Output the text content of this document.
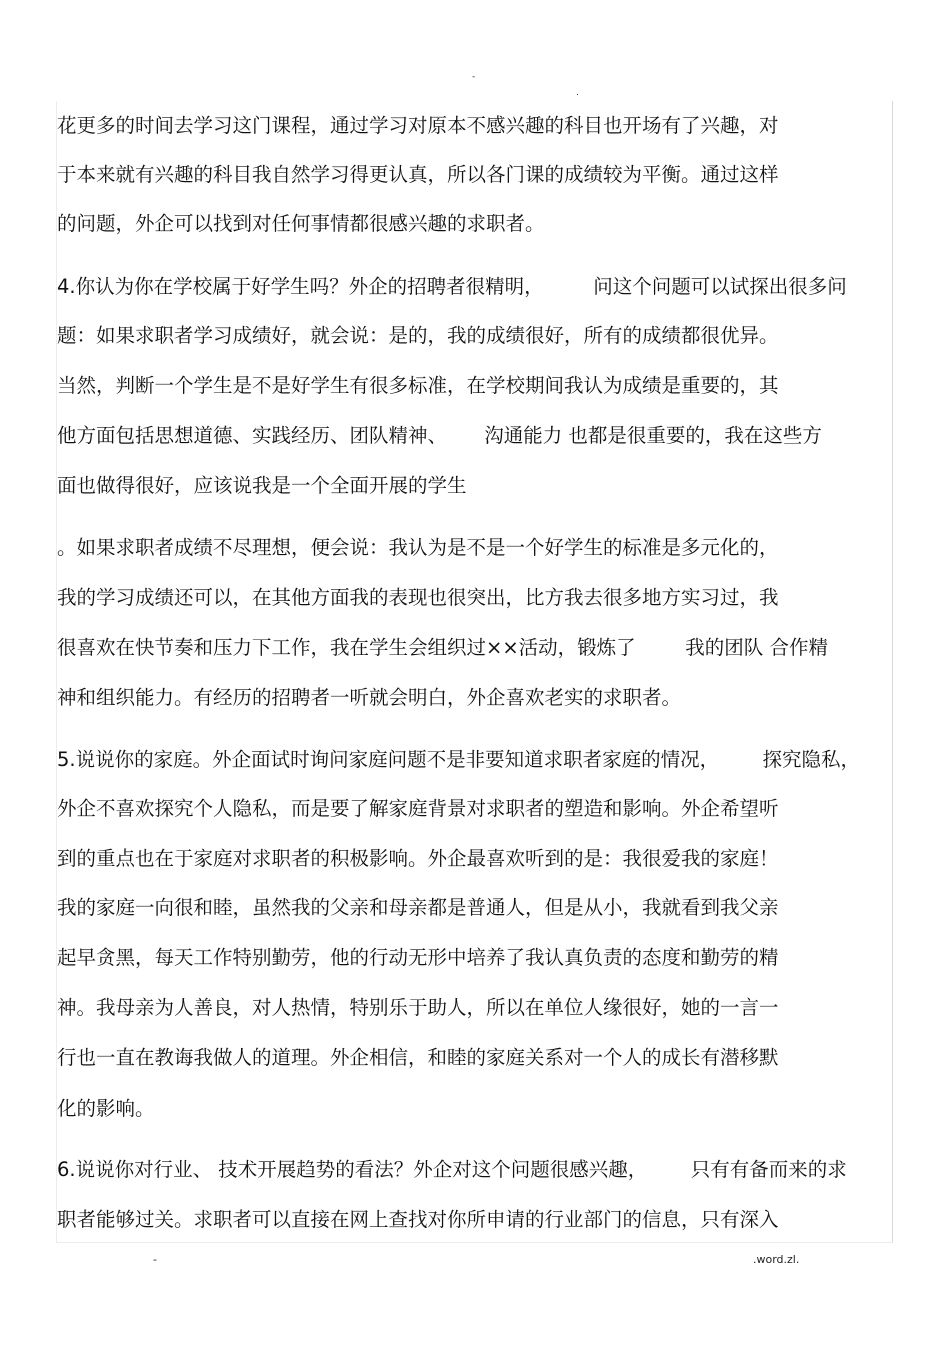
-
.
花更多的时间去学习这门课程，通过学习对原本不感兴趣的科目也开场有了兴趣，对
于本来就有兴趣的科目我自然学习得更认真，所以各门课的成绩较为平衡。通过这样
的问题，外企可以找到对任何事情都很感兴趣的求职者。
4.你认为你在学校属于好学生吗？外企的招聘者很精明，        问这个问题可以试探出很多问
题：如果求职者学习成绩好，就会说：是的，我的成绩很好，所有的成绩都很优异。
当然，判断一个学生是不是好学生有很多标准，在学校期间我认为成绩是重要的，其
他方面包括思想道德、实践经历、团队精神、      沟通能力 也都是很重要的，我在这些方
面也做得很好，应该说我是一个全面开展的学生
。如果求职者成绩不尽理想，便会说：我认为是不是一个好学生的标准是多元化的，
我的学习成绩还可以，在其他方面我的表现也很突出，比方我去很多地方实习过，我
很喜欢在快节奏和压力下工作，我在学生会组织过××活动，锻炼了        我的团队 合作精
神和组织能力。有经历的招聘者一听就会明白，外企喜欢老实的求职者。
5.说说你的家庭。外企面试时询问家庭问题不是非要知道求职者家庭的情况，       探究隐私，
外企不喜欢探究个人隐私，而是要了解家庭背景对求职者的塑造和影响。外企希望听
到的重点也在于家庭对求职者的积极影响。外企最喜欢听到的是：我很爱我的家庭！
我的家庭一向很和睦，虽然我的父亲和母亲都是普通人，但是从小，我就看到我父亲
起早贪黑，每天工作特别勤劳，他的行动无形中培养了我认真负责的态度和勤劳的精
神。我母亲为人善良，对人热情，特别乐于助人，所以在单位人缘很好，她的一言一
行也一直在教诲我做人的道理。外企相信，和睦的家庭关系对一个人的成长有潜移默
化的影响。
6.说说你对行业、 技术开展趋势的看法？外企对这个问题很感兴趣，       只有有备而来的求
职者能够过关。求职者可以直接在网上查找对你所申请的行业部门的信息，只有深入
-	.word.zl.
